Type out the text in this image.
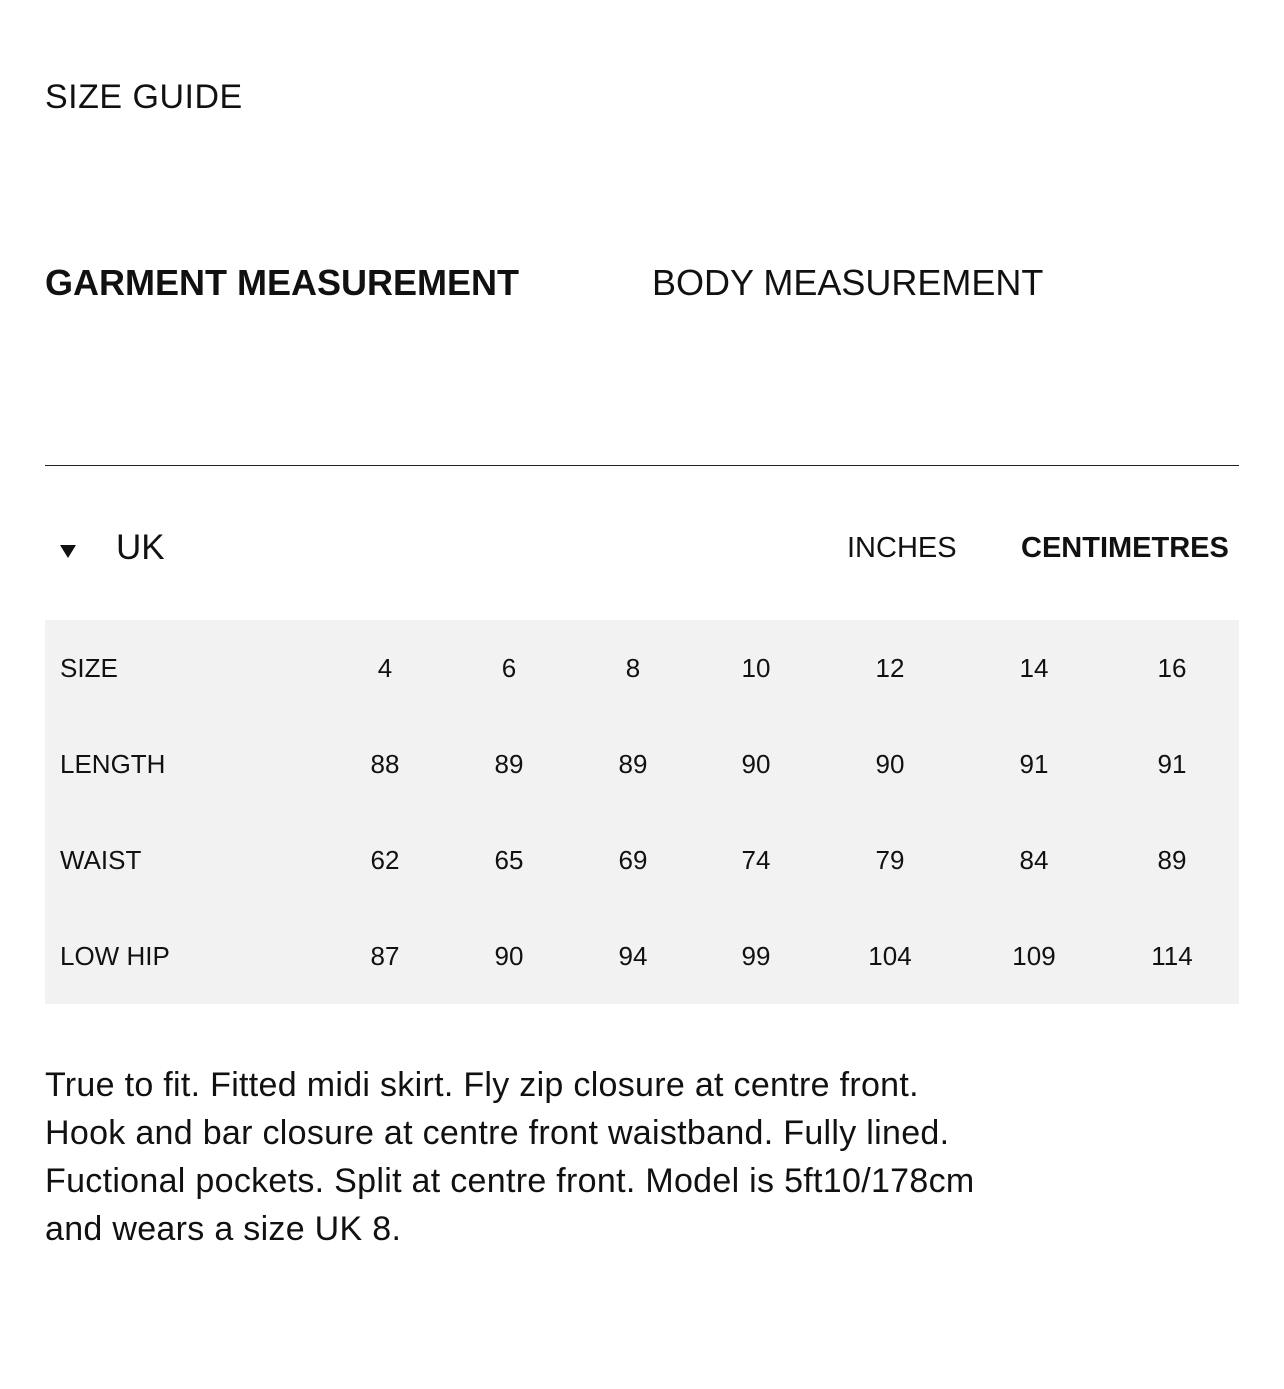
SIZE GUIDE
GARMENT MEASUREMENT	BODY MEASUREMENT
UK	INCHES CENTIMETRES
SIZE	4	6	8	10	12	14	16
LENGTH	88	89	89	90	90	91	91
WAIST	62	65	69	74	79	84	89
LOW HIP	87	90	94	99	104	109	114

True to fit. Fitted midi skirt. Fly zip closure at centre front.

Hook and bar closure at centre front waistband. Fully lined.

Fuctional pockets. Split at centre front. Model is 5ft10/178cm

and wears a size UK 8.
